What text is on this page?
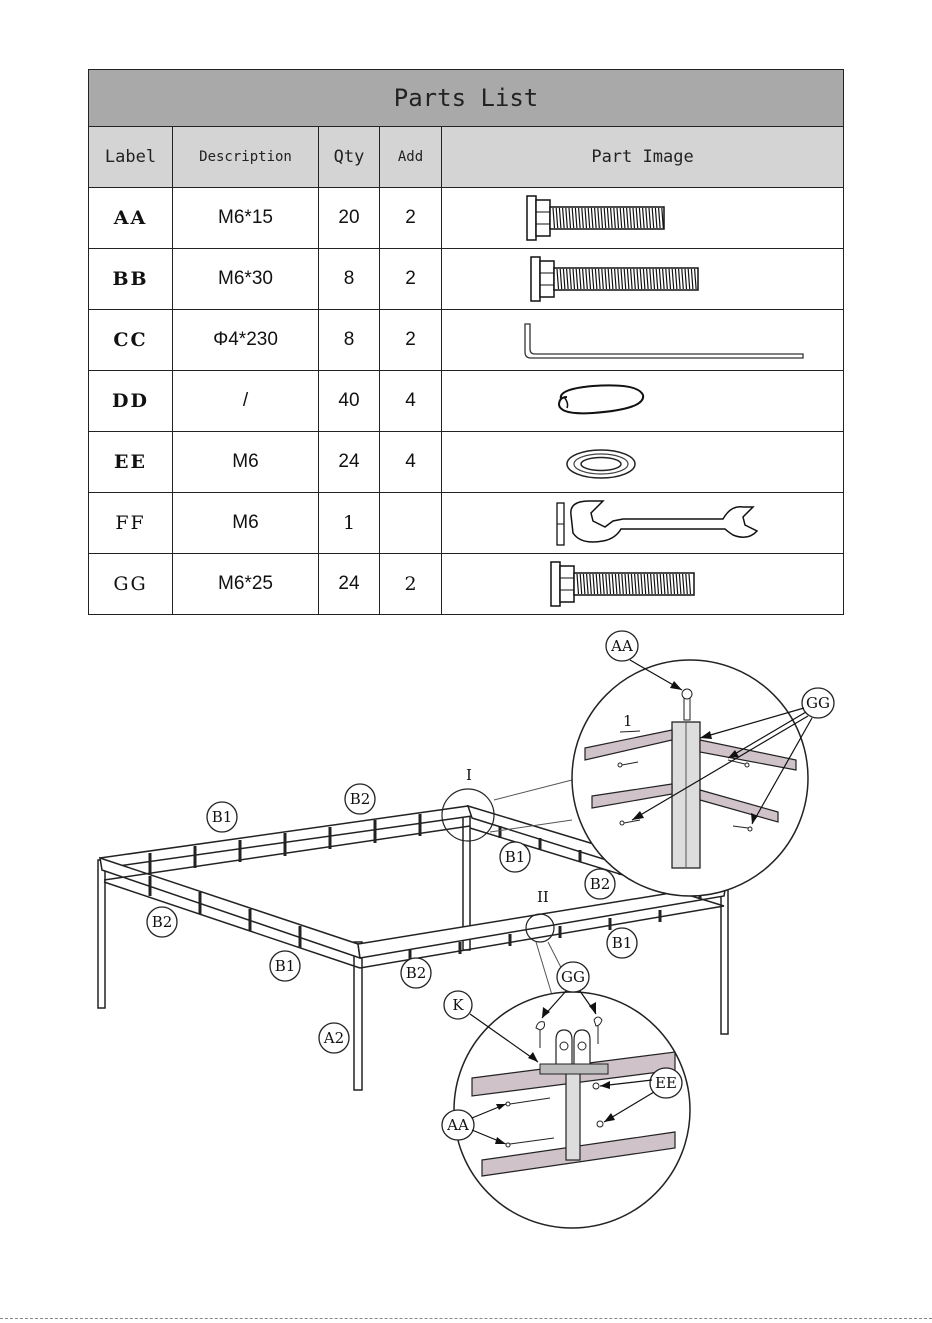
Parts List				
Label	Description	Qty	Add	Part Image
AA	M6*15	20	2	

BB	M6*30	8	2	

CC	Φ4*230	8	2	

DD	/	40	4	

EE	M6	24	4	

FF	M6	1		

GG	M6*25	24	2	
I
II
1
AA
GG
B1
B2
B1
B2
B2
B1
B1	B2
A2
GG
K
EE
AA
